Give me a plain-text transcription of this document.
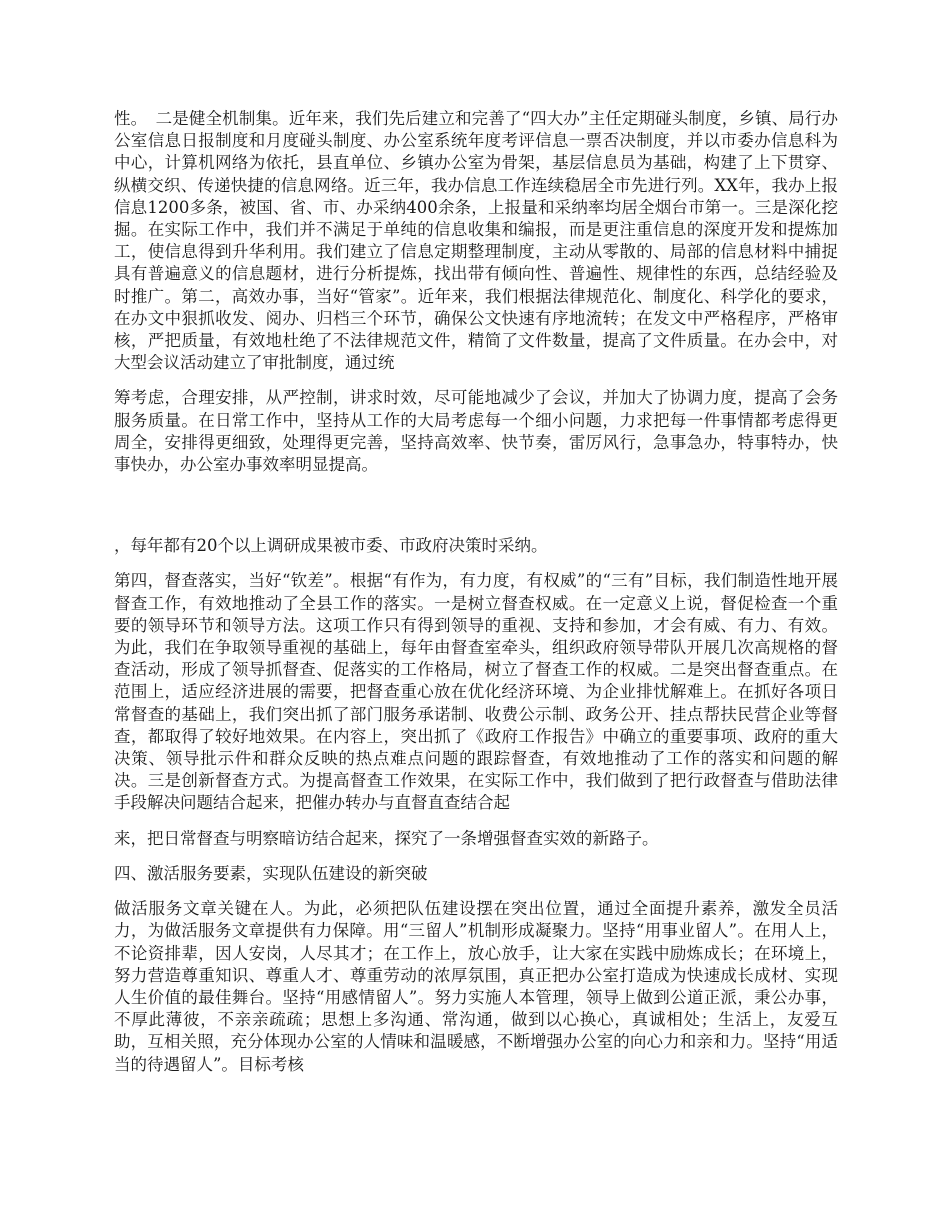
性。　二是健全机制集。近年来，我们先后建立和完善了“四大办”主任定期碰头制度，乡镇、局行办公室信息日报制度和月度碰头制度、办公室系统年度考评信息一票否决制度，并以市委办信息科为中心，计算机网络为依托，县直单位、乡镇办公室为骨架，基层信息员为基础，构建了上下贯穿、纵横交织、传递快捷的信息网络。近三年，我办信息工作连续稳居全市先进行列。XX年，我办上报信息1200多条，被国、省、市、办采纳400余条，上报量和采纳率均居全烟台市第一。三是深化挖掘。在实际工作中，我们并不满足于单纯的信息收集和编报，而是更注重信息的深度开发和提炼加工，使信息得到升华利用。我们建立了信息定期整理制度，主动从零散的、局部的信息材料中捕捉具有普遍意义的信息题材，进行分析提炼，找出带有倾向性、普遍性、规律性的东西，总结经验及时推广。第二，高效办事，当好“管家”。近年来，我们根据法律规范化、制度化、科学化的要求，在办文中狠抓收发、阅办、归档三个环节，确保公文快速有序地流转；在发文中严格程序，严格审核，严把质量，有效地杜绝了不法律规范文件，精简了文件数量，提高了文件质量。在办会中，对大型会议活动建立了审批制度，通过统

筹考虑，合理安排，从严控制，讲求时效，尽可能地减少了会议，并加大了协调力度，提高了会务服务质量。在日常工作中，坚持从工作的大局考虑每一个细小问题，力求把每一件事情都考虑得更周全，安排得更细致，处理得更完善，坚持高效率、快节奏，雷厉风行，急事急办，特事特办，快事快办，办公室办事效率明显提高。

，每年都有20个以上调研成果被市委、市政府决策时采纳。

第四，督查落实，当好“钦差”。根据“有作为，有力度，有权威”的“三有”目标，我们制造性地开展督查工作，有效地推动了全县工作的落实。一是树立督查权威。在一定意义上说，督促检查一个重要的领导环节和领导方法。这项工作只有得到领导的重视、支持和参加，才会有威、有力、有效。为此，我们在争取领导重视的基础上，每年由督查室牵头，组织政府领导带队开展几次高规格的督查活动，形成了领导抓督查、促落实的工作格局，树立了督查工作的权威。二是突出督查重点。在范围上，适应经济进展的需要，把督查重心放在优化经济环境、为企业排忧解难上。在抓好各项日常督查的基础上，我们突出抓了部门服务承诺制、收费公示制、政务公开、挂点帮扶民营企业等督查，都取得了较好地效果。在内容上，突出抓了《政府工作报告》中确立的重要事项、政府的重大决策、领导批示件和群众反映的热点难点问题的跟踪督查，有效地推动了工作的落实和问题的解决。三是创新督查方式。为提高督查工作效果，在实际工作中，我们做到了把行政督查与借助法律手段解决问题结合起来，把催办转办与直督直查结合起

来，把日常督查与明察暗访结合起来，探究了一条增强督查实效的新路子。

四、激活服务要素，实现队伍建设的新突破

做活服务文章关键在人。为此，必须把队伍建设摆在突出位置，通过全面提升素养，激发全员活力，为做活服务文章提供有力保障。用“三留人”机制形成凝聚力。坚持“用事业留人”。在用人上，不论资排辈，因人安岗，人尽其才；在工作上，放心放手，让大家在实践中励炼成长；在环境上，努力营造尊重知识、尊重人才、尊重劳动的浓厚氛围，真正把办公室打造成为快速成长成材、实现人生价值的最佳舞台。坚持“用感情留人”。努力实施人本管理，领导上做到公道正派，秉公办事，不厚此薄彼，不亲亲疏疏；思想上多沟通、常沟通，做到以心换心，真诚相处；生活上，友爱互助，互相关照，充分体现办公室的人情味和温暖感，不断增强办公室的向心力和亲和力。坚持“用适当的待遇留人”。目标考核
